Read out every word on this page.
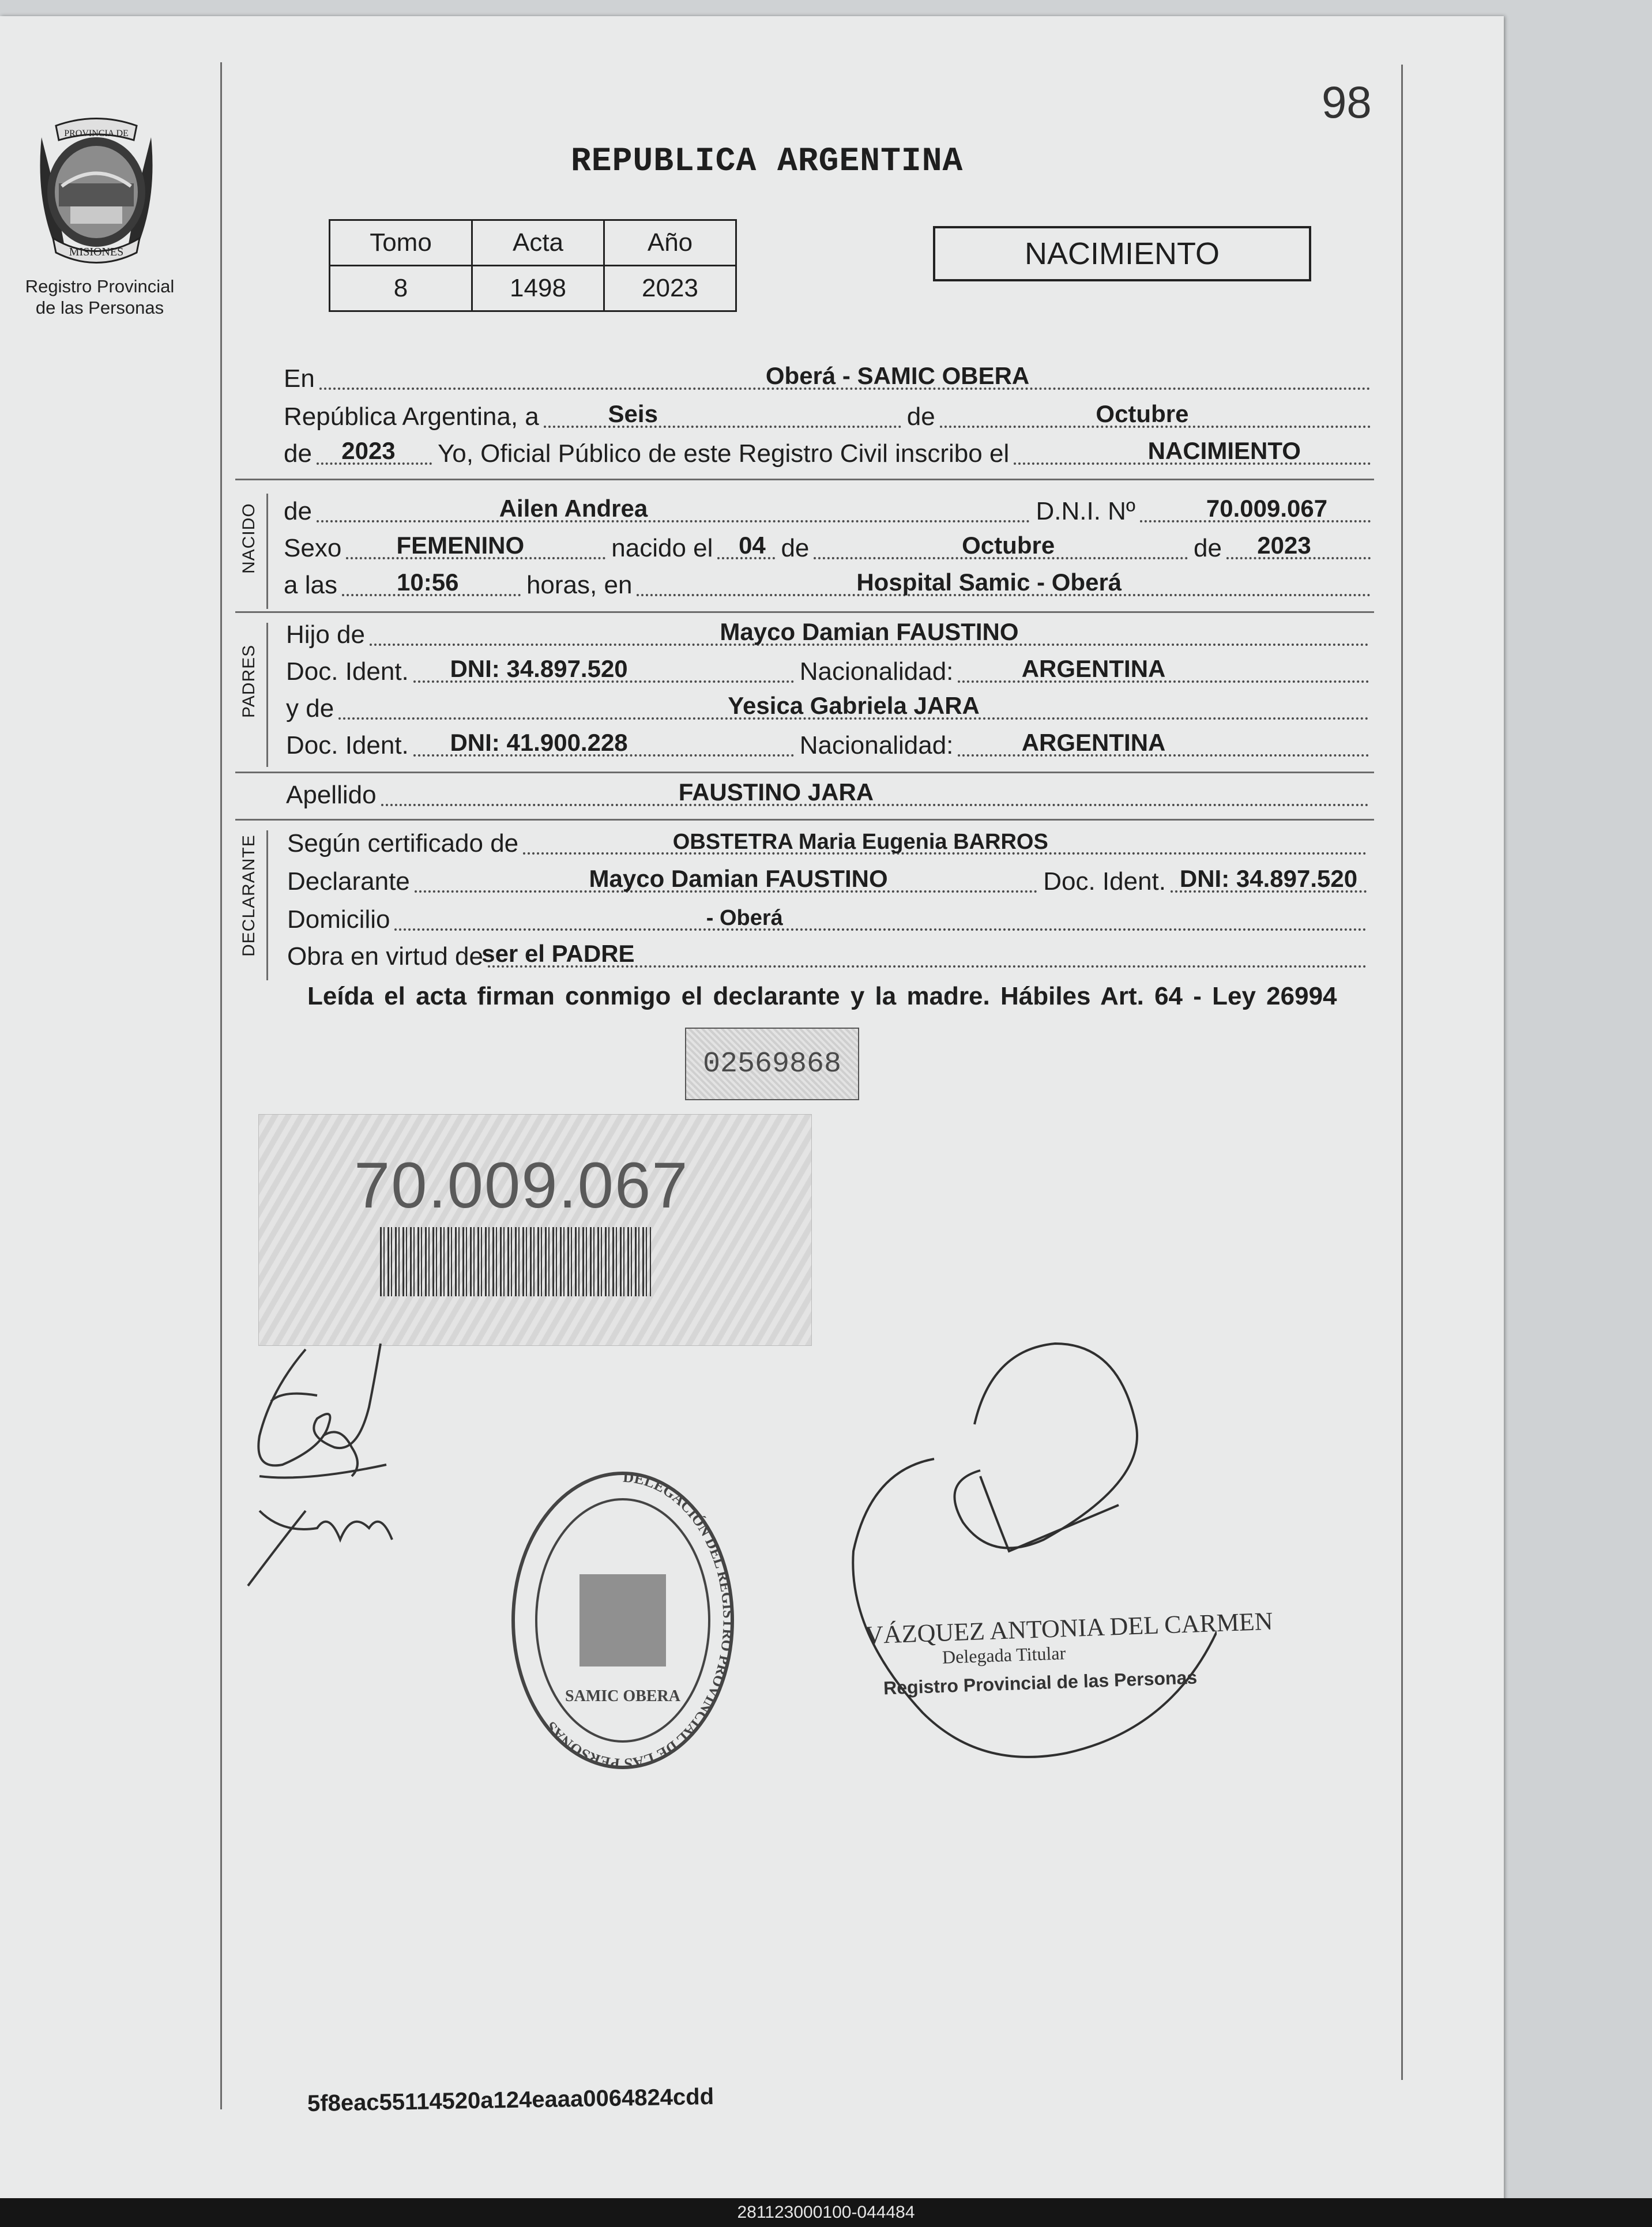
98
PROVINCIA DE
MISIONES
Registro Provincial
de las Personas
REPUBLICA ARGENTINA
Tomo	Acta	Año
8	1498	2023
NACIMIENTO
En	Oberá - SAMIC OBERA
República Argentina, a	Seis	de	Octubre
de 2023 Yo, Oficial Público de este Registro Civil inscribo el	NACIMIENTO
NACIDO de	Ailen Andrea	D.N.I. Nº	70.009.067
Sexo FEMENINO	nacido el 04 de	Octubre	de 2023
a las 10:56	horas, en	Hospital Samic - Oberá
PADRES
Hijo de	Mayco Damian FAUSTINO
Doc. Ident. DNI: 34.897.520	Nacionalidad:	ARGENTINA
y de	Yesica Gabriela JARA
Doc. Ident. DNI: 41.900.228	Nacionalidad:	ARGENTINA
Apellido	FAUSTINO JARA
DECLARANTE Según certificado de	OBSTETRA Maria Eugenia BARROS
Declarante	Mayco Damian FAUSTINO	Doc. Ident. DNI: 34.897.520
Domicilio	- Oberá
Obra en virtud de
ser el PADRE
Leída el acta firman conmigo el declarante y la madre. Hábiles Art. 64 - Ley 26994
02569868
70.009.067
DELEGACIÓN DEL REGISTRO PROVINCIAL DE LAS PERSONAS
SAMIC OBERA
VÁZQUEZ ANTONIA DEL CARMEN
Delegada Titular
Registro Provincial de las Personas
5f8eac55114520a124eaaa0064824cdd
281123000100-044484
